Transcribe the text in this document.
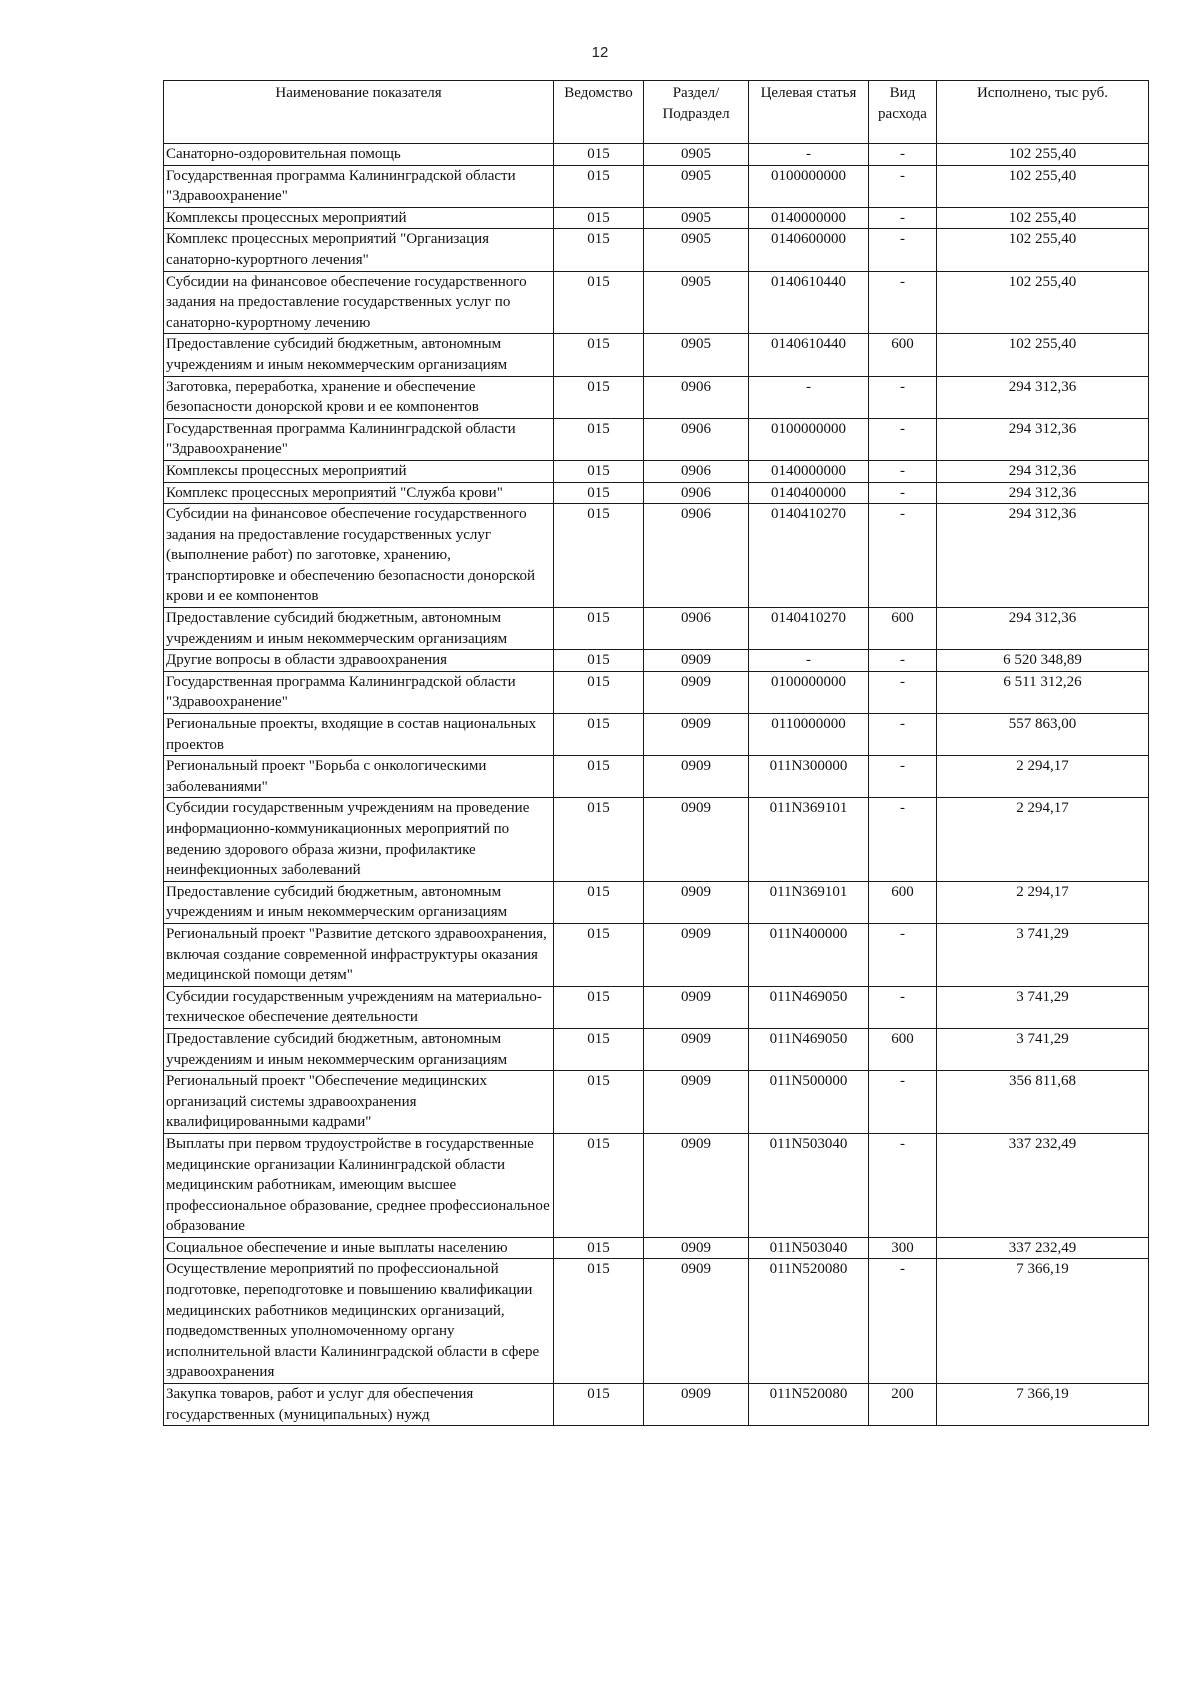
12
Наименование показателя	Ведомство	Раздел/ Подраздел	Целевая статья	Вид расхода	Исполнено, тыс руб.
Санаторно-оздоровительная помощь	015	0905	-	-	102 255,40
Государственная программа Калининградской области "Здравоохранение"	015	0905	0100000000	-	102 255,40
Комплексы процессных мероприятий	015	0905	0140000000	-	102 255,40
Комплекс процессных мероприятий "Организация санаторно-курортного лечения"	015	0905	0140600000	-	102 255,40
Субсидии на финансовое обеспечение государственного задания на предоставление государственных услуг по санаторно-курортному лечению	015	0905	0140610440	-	102 255,40
Предоставление субсидий бюджетным, автономным учреждениям и иным некоммерческим организациям	015	0905	0140610440	600	102 255,40
Заготовка, переработка, хранение и обеспечение безопасности донорской крови и ее компонентов	015	0906	-	-	294 312,36
Государственная программа Калининградской области "Здравоохранение"	015	0906	0100000000	-	294 312,36
Комплексы процессных мероприятий	015	0906	0140000000	-	294 312,36
Комплекс процессных мероприятий "Служба крови"	015	0906	0140400000	-	294 312,36
Субсидии на финансовое обеспечение государственного задания на предоставление государственных услуг (выполнение работ) по заготовке, хранению, транспортировке и обеспечению безопасности донорской крови и ее компонентов	015	0906	0140410270	-	294 312,36
Предоставление субсидий бюджетным, автономным учреждениям и иным некоммерческим организациям	015	0906	0140410270	600	294 312,36
Другие вопросы в области здравоохранения	015	0909	-	-	6 520 348,89
Государственная программа Калининградской области "Здравоохранение"	015	0909	0100000000	-	6 511 312,26
Региональные проекты, входящие в состав национальных проектов	015	0909	0110000000	-	557 863,00
Региональный проект "Борьба с онкологическими заболеваниями"	015	0909	011N300000	-	2 294,17
Субсидии государственным учреждениям на проведение информационно-коммуникационных мероприятий по ведению здорового образа жизни, профилактике неинфекционных заболеваний	015	0909	011N369101	-	2 294,17
Предоставление субсидий бюджетным, автономным учреждениям и иным некоммерческим организациям	015	0909	011N369101	600	2 294,17
Региональный проект "Развитие детского здравоохранения, включая создание современной инфраструктуры оказания медицинской помощи детям"	015	0909	011N400000	-	3 741,29
Субсидии государственным учреждениям на материально-техническое обеспечение деятельности	015	0909	011N469050	-	3 741,29
Предоставление субсидий бюджетным, автономным учреждениям и иным некоммерческим организациям	015	0909	011N469050	600	3 741,29
Региональный проект "Обеспечение медицинских организаций системы здравоохранения квалифицированными кадрами"	015	0909	011N500000	-	356 811,68
Выплаты при первом трудоустройстве в государственные медицинские организации Калининградской области медицинским работникам, имеющим высшее профессиональное образование, среднее профессиональное образование	015	0909	011N503040	-	337 232,49
Социальное обеспечение и иные выплаты населению	015	0909	011N503040	300	337 232,49
Осуществление мероприятий по профессиональной подготовке, переподготовке и повышению квалификации медицинских работников медицинских организаций, подведомственных уполномоченному органу исполнительной власти Калининградской области в сфере здравоохранения	015	0909	011N520080	-	7 366,19
Закупка товаров, работ и услуг для обеспечения государственных (муниципальных) нужд	015	0909	011N520080	200	7 366,19
